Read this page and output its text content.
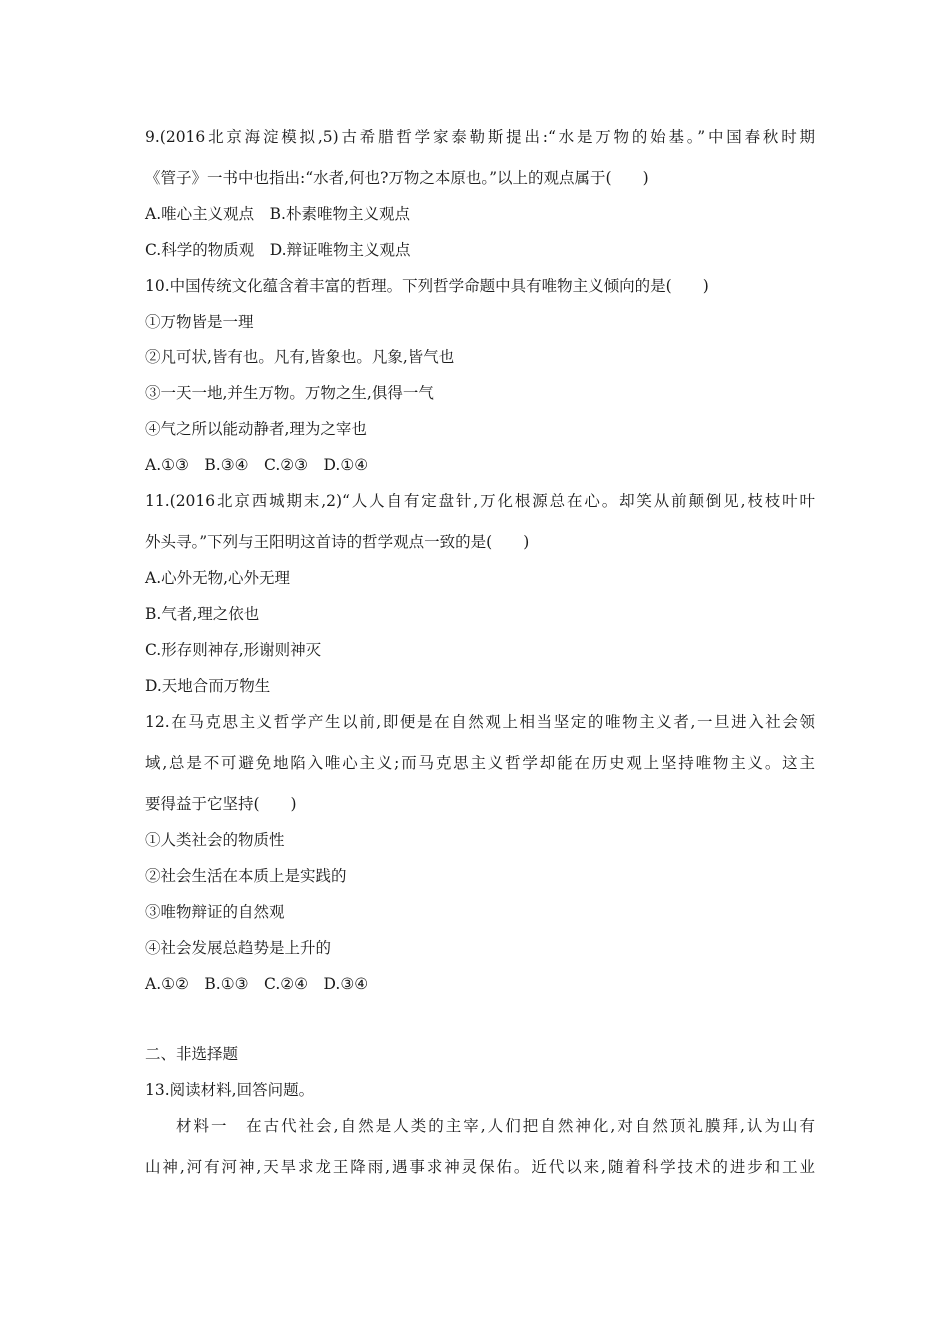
9.(2016北京海淀模拟,5)古希腊哲学家泰勒斯提出:“水是万物的始基。”中国春秋时期
《管子》一书中也指出:“水者,何也?万物之本原也。”以上的观点属于(　　)
A.唯心主义观点　B.朴素唯物主义观点
C.科学的物质观　D.辩证唯物主义观点
10.中国传统文化蕴含着丰富的哲理。下列哲学命题中具有唯物主义倾向的是(　　)
①万物皆是一理
②凡可状,皆有也。凡有,皆象也。凡象,皆气也
③一天一地,并生万物。万物之生,俱得一气
④气之所以能动静者,理为之宰也
A.①③　B.③④　C.②③　D.①④
11.(2016北京西城期末,2)“人人自有定盘针,万化根源总在心。却笑从前颠倒见,枝枝叶叶
外头寻。”下列与王阳明这首诗的哲学观点一致的是(　　)
A.心外无物,心外无理
B.气者,理之依也
C.形存则神存,形谢则神灭
D.天地合而万物生
12.在马克思主义哲学产生以前,即便是在自然观上相当坚定的唯物主义者,一旦进入社会领
域,总是不可避免地陷入唯心主义;而马克思主义哲学却能在历史观上坚持唯物主义。这主
要得益于它坚持(　　)
①人类社会的物质性
②社会生活在本质上是实践的
③唯物辩证的自然观
④社会发展总趋势是上升的
A.①②　B.①③　C.②④　D.③④
二、非选择题
13.阅读材料,回答问题。
材料一　在古代社会,自然是人类的主宰,人们把自然神化,对自然顶礼膜拜,认为山有
山神,河有河神,天旱求龙王降雨,遇事求神灵保佑。近代以来,随着科学技术的进步和工业
